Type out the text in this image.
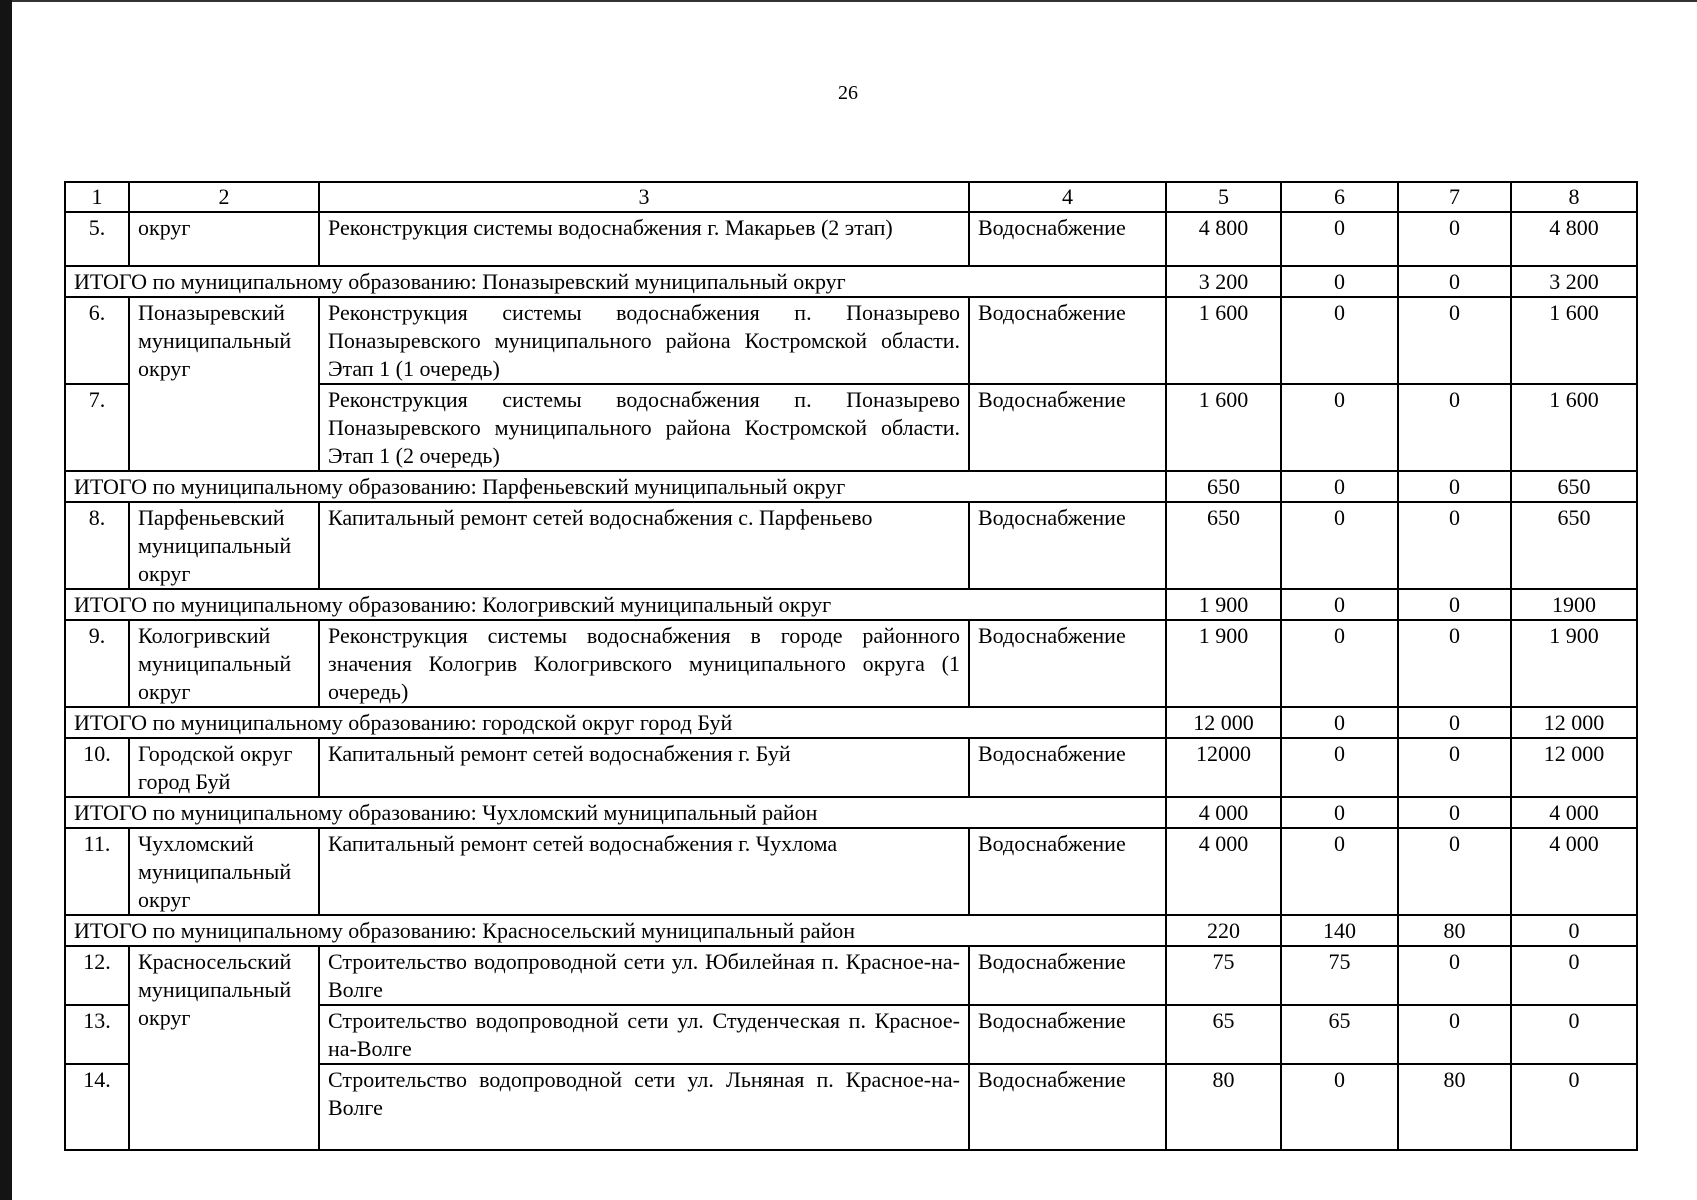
26
1	2	3	4	5	6	7	8
5.	округ	Реконструкция системы водоснабжения г. Макарьев (2 этап)	Водоснабжение	4 800	0	0	4 800
ИТОГО по муниципальному образованию: Поназыревский муниципальный округ				3 200	0	0	3 200
6.	Поназыревский муниципальный округ	Реконструкция системы водоснабжения п. Поназырево Поназыревского муниципального района Костромской области. Этап 1 (1 очередь)	Водоснабжение	1 600	0	0	1 600
7.		Реконструкция системы водоснабжения п. Поназырево Поназыревского муниципального района Костромской области. Этап 1 (2 очередь)	Водоснабжение	1 600	0	0	1 600
ИТОГО по муниципальному образованию: Парфеньевский муниципальный округ				650	0	0	650
8.	Парфеньевский муниципальный округ	Капитальный ремонт сетей водоснабжения с. Парфеньево	Водоснабжение	650	0	0	650
ИТОГО по муниципальному образованию: Кологривский муниципальный округ				1 900	0	0	1900
9.	Кологривский муниципальный округ	Реконструкция системы водоснабжения в городе районного значения Кологрив Кологривского муниципального округа (1 очередь)	Водоснабжение	1 900	0	0	1 900
ИТОГО по муниципальному образованию: городской округ город Буй				12 000	0	0	12 000
10.	Городской округ город Буй	Капитальный ремонт сетей водоснабжения г. Буй	Водоснабжение	12000	0	0	12 000
ИТОГО по муниципальному образованию: Чухломский муниципальный район				4 000	0	0	4 000
11.	Чухломский муниципальный округ	Капитальный ремонт сетей водоснабжения г. Чухлома	Водоснабжение	4 000	0	0	4 000
ИТОГО по муниципальному образованию: Красносельский муниципальный район				220	140	80	0
12.	Красносельский муниципальный округ	Строительство водопроводной сети ул. Юбилейная п. Красное-на-Волге	Водоснабжение	75	75	0	0
13.		Строительство водопроводной сети ул. Студенческая п. Красное-на-Волге	Водоснабжение	65	65	0	0
14.		Строительство водопроводной сети ул. Льняная п. Красное-на-Волге	Водоснабжение	80	0	80	0
